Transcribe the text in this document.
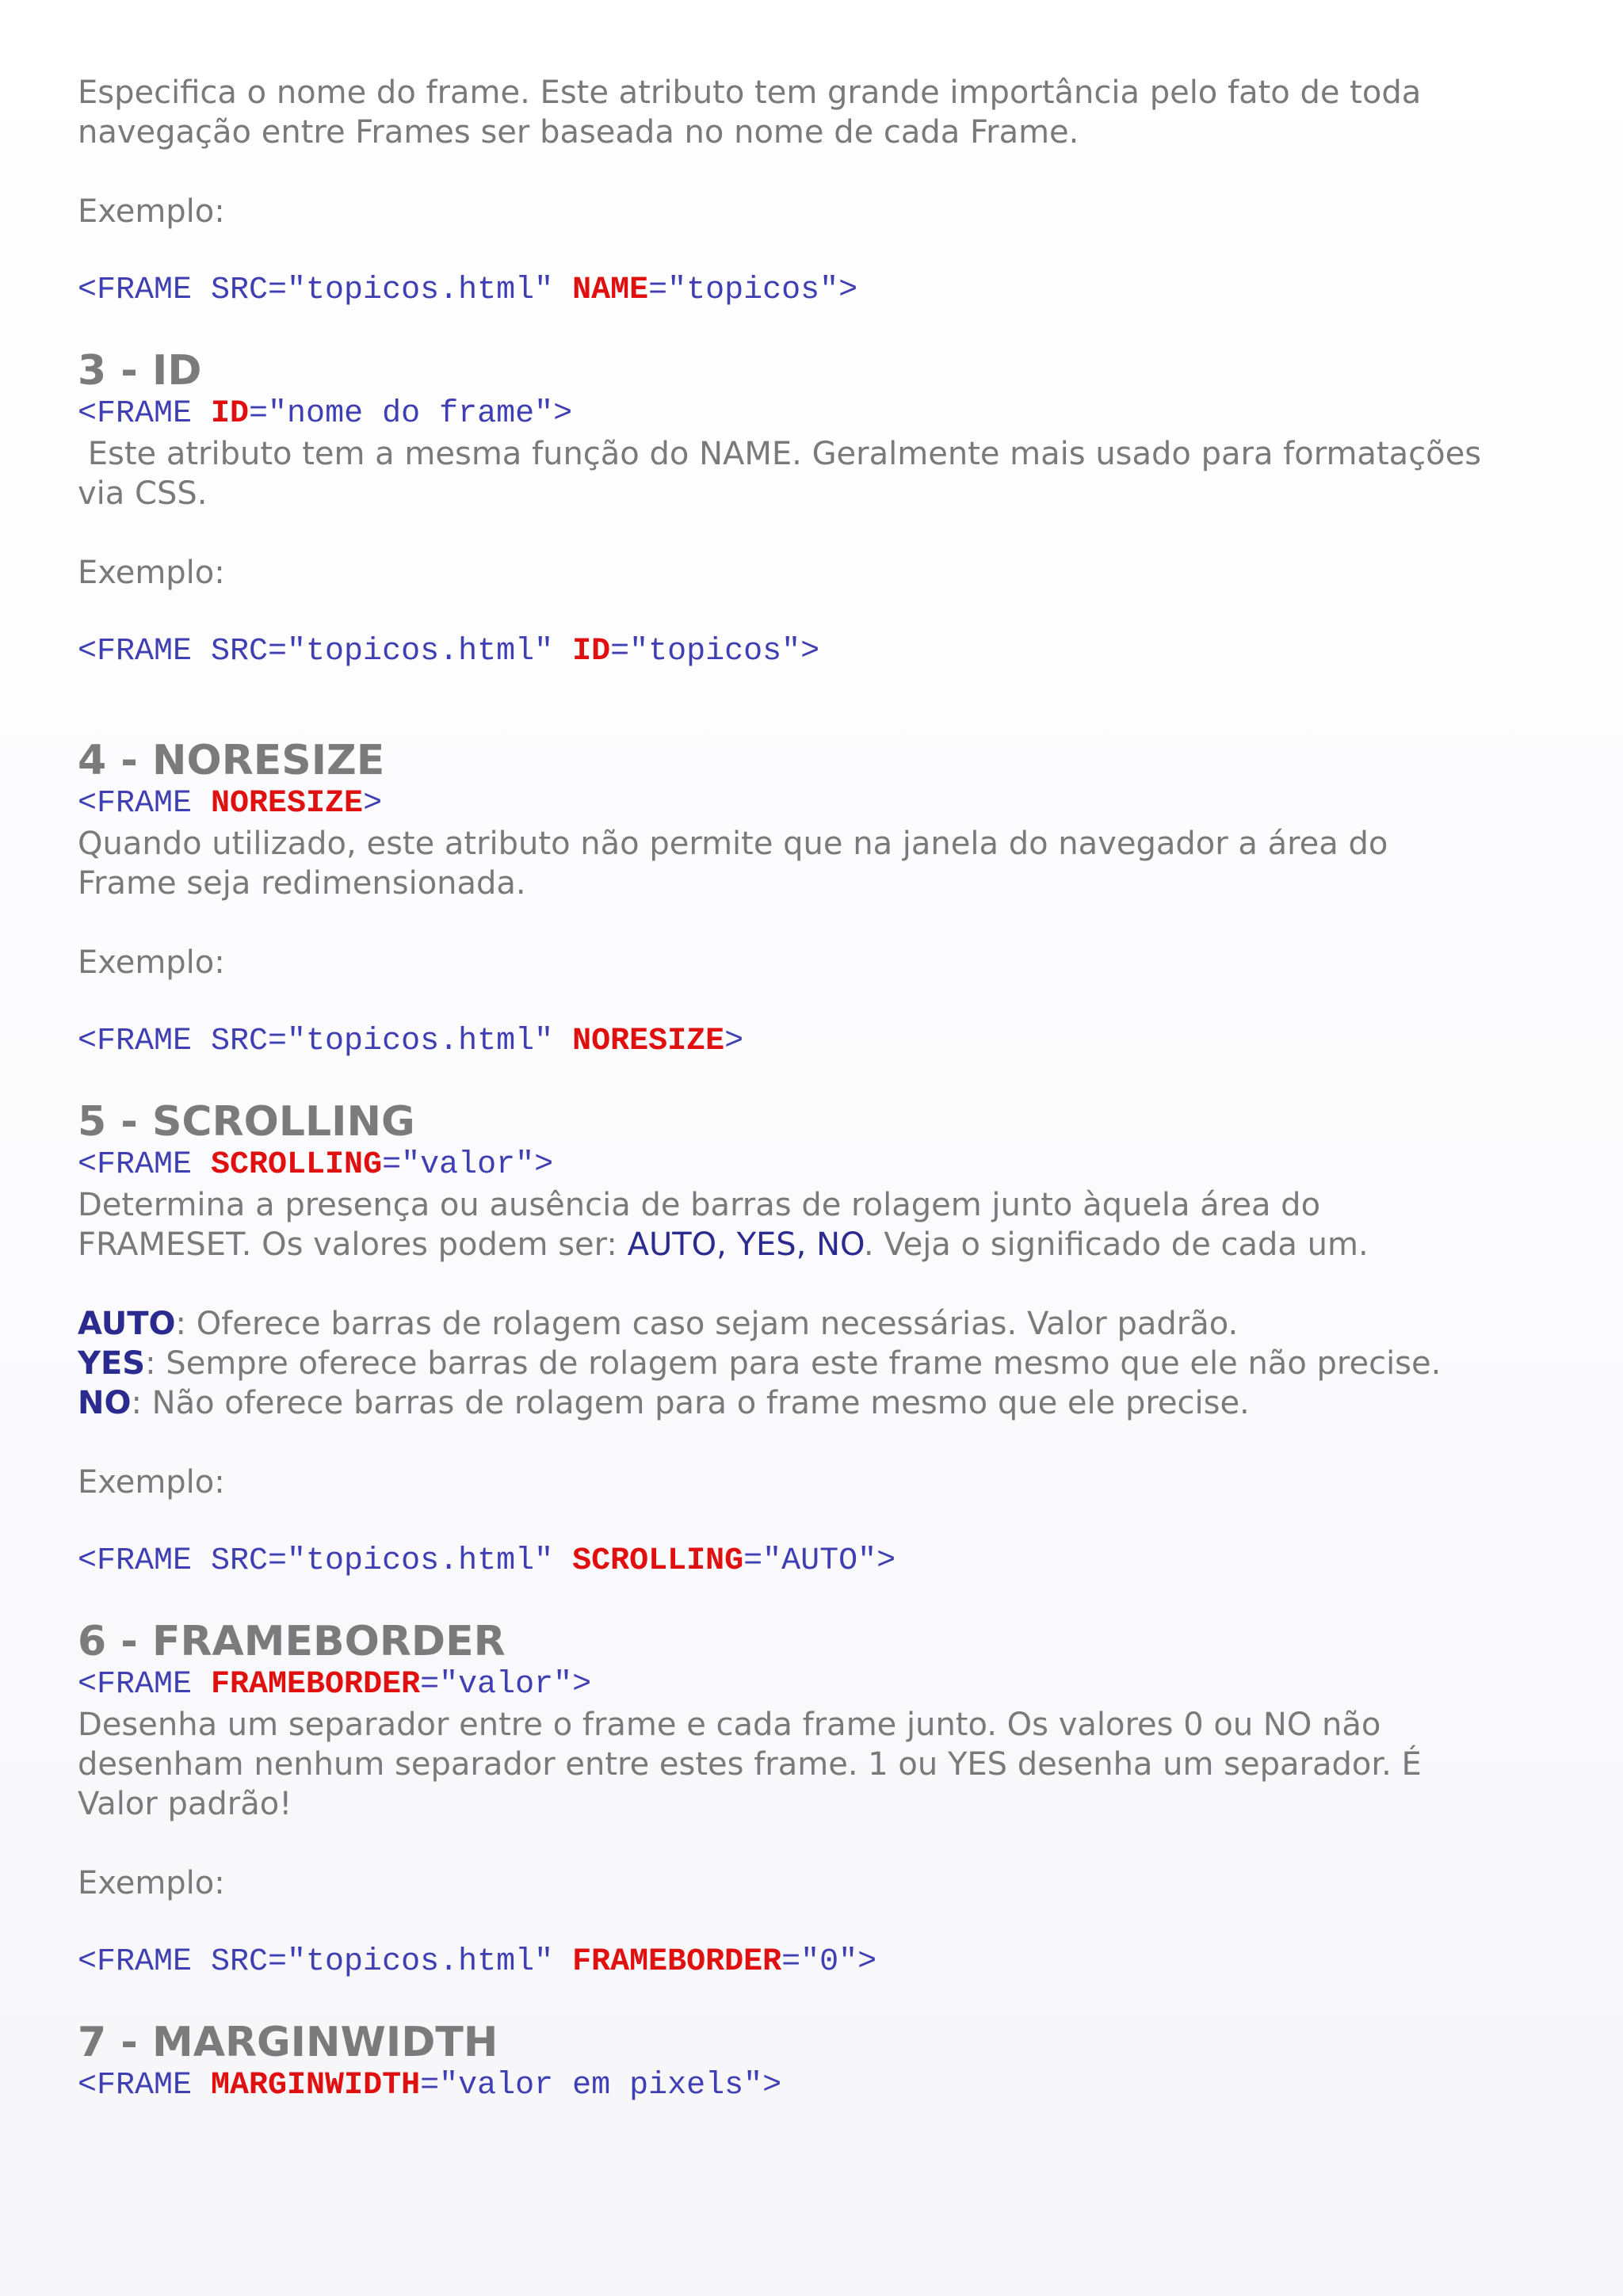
Especifica o nome do frame. Este atributo tem grande importância pelo fato de toda

navegação entre Frames ser baseada no nome de cada Frame.

Exemplo:

<FRAME SRC="topicos.html" NAME="topicos">

3 - ID

<FRAME ID="nome do frame">

Este atributo tem a mesma função do NAME. Geralmente mais usado para formatações

via CSS.

Exemplo:

<FRAME SRC="topicos.html" ID="topicos">

4 - NORESIZE

<FRAME NORESIZE>

Quando utilizado, este atributo não permite que na janela do navegador a área do

Frame seja redimensionada.

Exemplo:

<FRAME SRC="topicos.html" NORESIZE>

5 - SCROLLING

<FRAME SCROLLING="valor">

Determina a presença ou ausência de barras de rolagem junto àquela área do

FRAMESET. Os valores podem ser: AUTO, YES, NO. Veja o significado de cada um.

AUTO: Oferece barras de rolagem caso sejam necessárias. Valor padrão.

YES: Sempre oferece barras de rolagem para este frame mesmo que ele não precise.

NO: Não oferece barras de rolagem para o frame mesmo que ele precise.

Exemplo:

<FRAME SRC="topicos.html" SCROLLING="AUTO">

6 - FRAMEBORDER

<FRAME FRAMEBORDER="valor">

Desenha um separador entre o frame e cada frame junto. Os valores 0 ou NO não

desenham nenhum separador entre estes frame. 1 ou YES desenha um separador. É

Valor padrão!

Exemplo:

<FRAME SRC="topicos.html" FRAMEBORDER="0">

7 - MARGINWIDTH

<FRAME MARGINWIDTH="valor em pixels">
